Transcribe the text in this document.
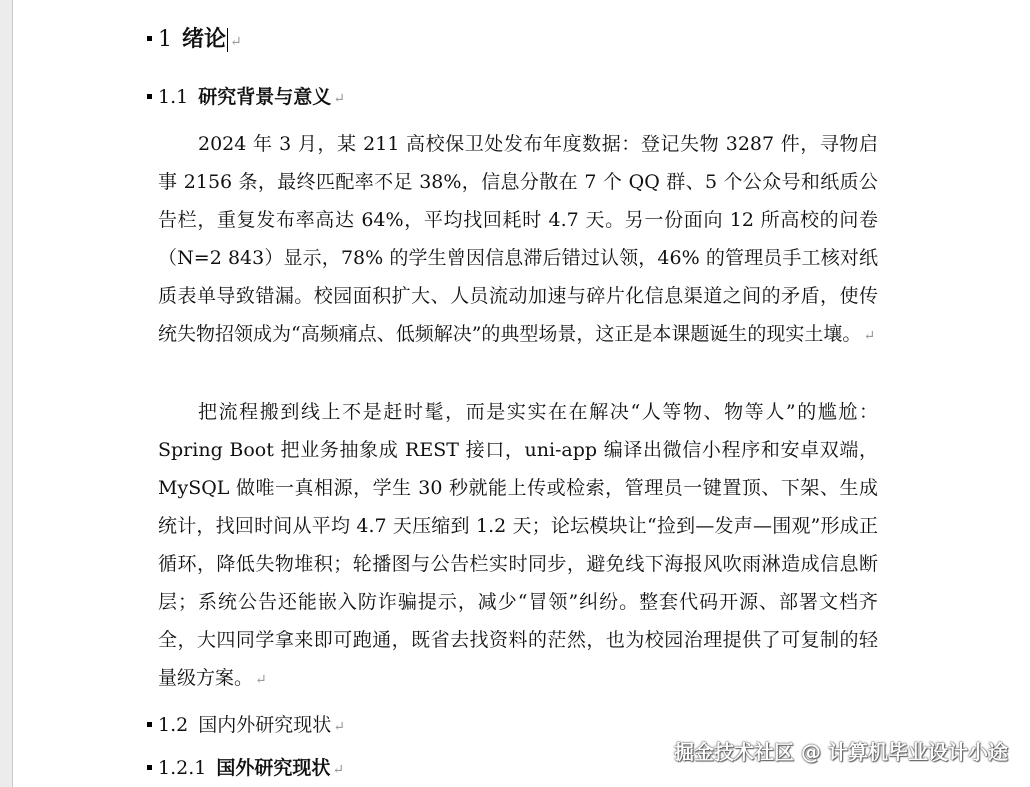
1 绪论 ↵
1.1 研究背景与意义 ↵

2024 年 3 月，某 211 高校保卫处发布年度数据：登记失物 3287 件，寻物启事 2156 条，最终匹配率不足 38%，信息分散在 7 个 QQ 群、5 个公众号和纸质公告栏，重复发布率高达 64%，平均找回耗时 4.7 天。另一份面向 12 所高校的问卷（N=2 843）显示，78% 的学生曾因信息滞后错过认领，46% 的管理员手工核对纸质表单导致错漏。校园面积扩大、人员流动加速与碎片化信息渠道之间的矛盾，使传统失物招领成为“高频痛点、低频解决”的典型场景，这正是本课题诞生的现实土壤。 ↵

把流程搬到线上不是赶时髦，而是实实在在解决“人等物、物等人”的尴尬：Spring Boot 把业务抽象成 REST 接口，uni-app 编译出微信小程序和安卓双端，MySQL 做唯一真相源，学生 30 秒就能上传或检索，管理员一键置顶、下架、生成统计，找回时间从平均 4.7 天压缩到 1.2 天；论坛模块让“捡到—发声—围观”形成正循环，降低失物堆积；轮播图与公告栏实时同步，避免线下海报风吹雨淋造成信息断层；系统公告还能嵌入防诈骗提示，减少“冒领”纠纷。整套代码开源、部署文档齐全，大四同学拿来即可跑通，既省去找资料的茫然，也为校园治理提供了可复制的轻量级方案。 ↵

1.2 国内外研究现状 ↵
1.2.1 国外研究现状 ↵
掘金技术社区 @ 计算机毕业设计小途
